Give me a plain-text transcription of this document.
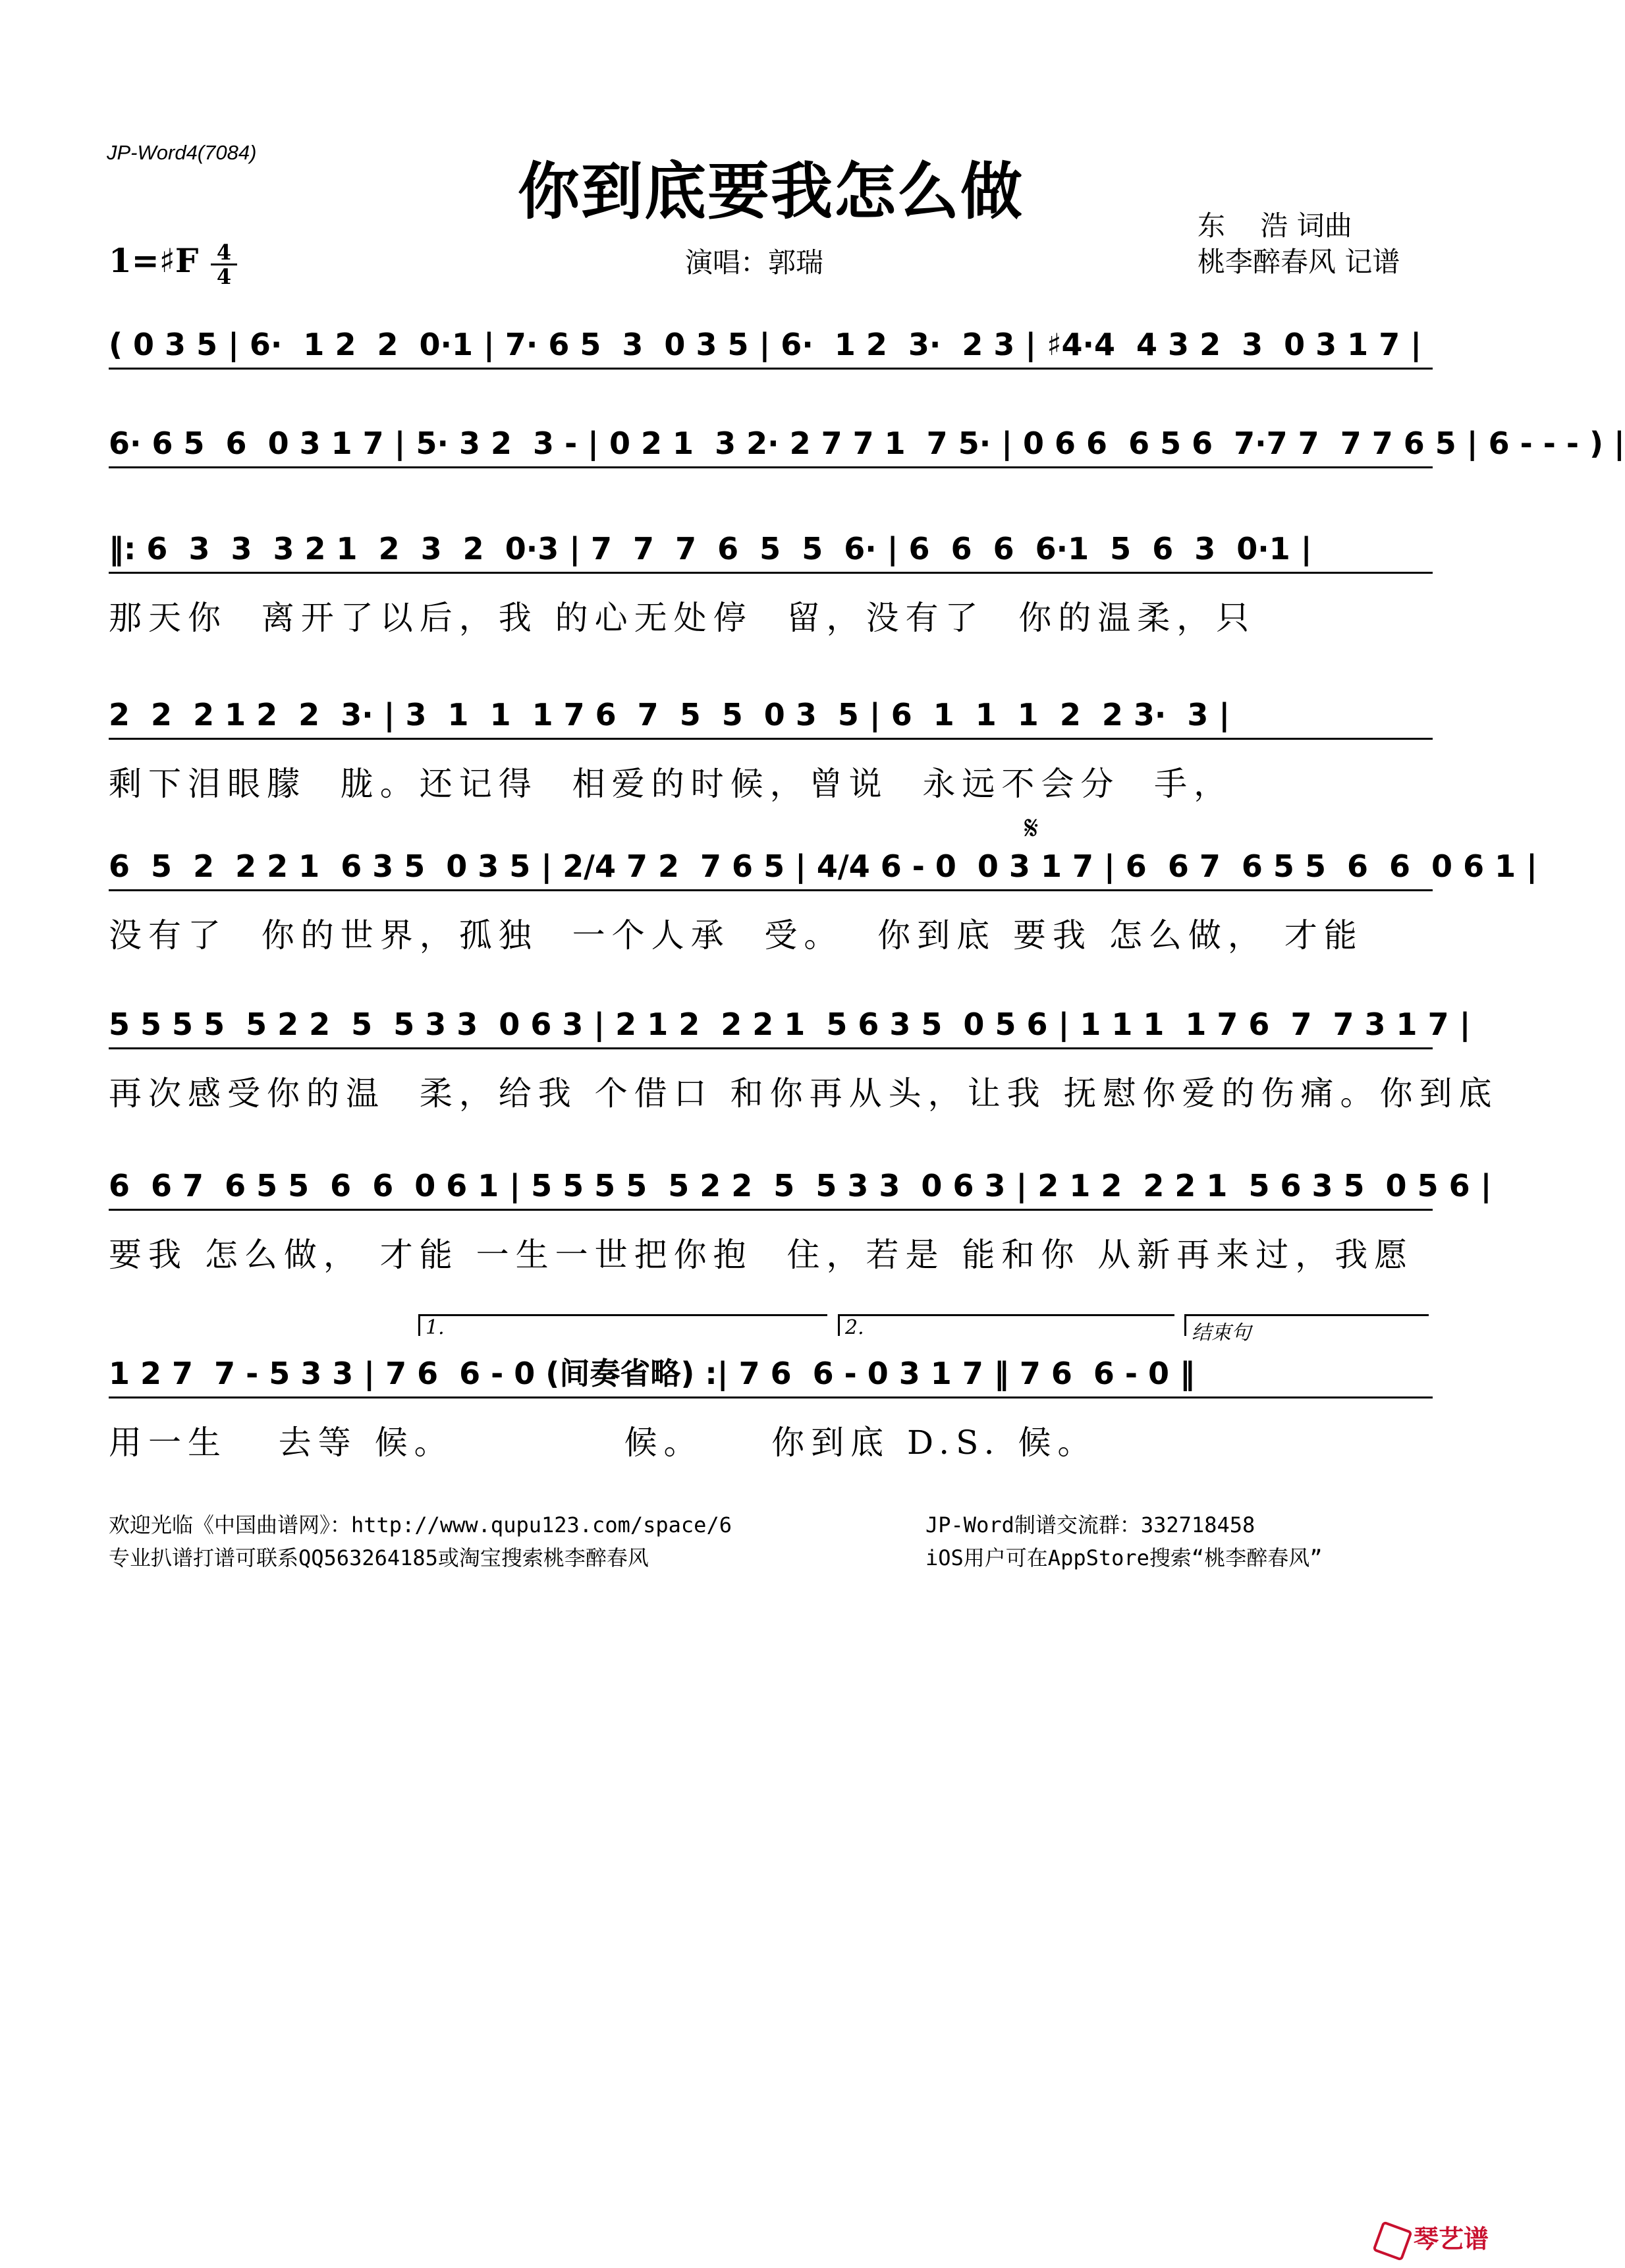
JP-Word4(7084)
你到底要我怎么做	东    浩 词曲
桃李醉春风 记谱
1=♯F 4
4	演唱：郭瑞
( 0 3 5 | 6·  1 2  2  0·1 | 7· 6 5  3  0 3 5 | 6·  1 2  3·  2 3 | ♯4·4  4 3 2  3  0 3 1 7 |
6· 6 5  6  0 3 1 7 | 5· 3 2  3 - | 0 2 1  3 2· 2 7 7 1  7 5· | 0 6 6  6 5 6  7·7 7  7 7 6 5 | 6 - - - ) |
‖: 6  3  3  3 2 1  2  3  2  0·3 | 7  7  7  6  5  5  6· | 6  6  6  6·1  5  6  3  0·1 |
那天你  离开了以后，我 的心无处停  留，没有了  你的温柔，只
2  2  2 1 2  2  3· | 3  1  1  1 7 6  7  5  5  0 3  5 | 6  1  1  1  2  2 3·  3 |
剩下泪眼朦  胧。还记得  相爱的时候，曾说  永远不会分  手，
𝄋
6  5  2  2 2 1  6 3 5  0 3 5 | 2/4 7 2  7 6 5 | 4/4 6 - 0  0 3 1 7 | 6  6 7  6 5 5  6  6  0 6 1 |
没有了  你的世界，孤独  一个人承  受。  你到底 要我 怎么做， 才能
5 5 5 5  5 2 2  5  5 3 3  0 6 3 | 2 1 2  2 2 1  5 6 3 5  0 5 6 | 1 1 1  1 7 6  7  7 3 1 7 |
再次感受你的温  柔，给我 个借口 和你再从头，让我 抚慰你爱的伤痛。你到底
6  6 7  6 5 5  6  6  0 6 1 | 5 5 5 5  5 2 2  5  5 3 3  0 6 3 | 2 1 2  2 2 1  5 6 3 5  0 5 6 |
要我 怎么做， 才能 一生一世把你抱  住，若是 能和你 从新再来过，我愿
1.	2.	结束句
1 2 7  7 - 5 3 3 | 7 6  6 - 0 (间奏省略) :| 7 6  6 - 0 3 1 7 ‖ 7 6  6 - 0 ‖
用一生   去等 候。          候。    你到底 D.S. 候。
欢迎光临《中国曲谱网》：http://www.qupu123.com/space/6
专业扒谱打谱可联系QQ563264185或淘宝搜索桃李醉春风
JP-Word制谱交流群：332718458
iOS用户可在AppStore搜索“桃李醉春风”
琴艺谱
